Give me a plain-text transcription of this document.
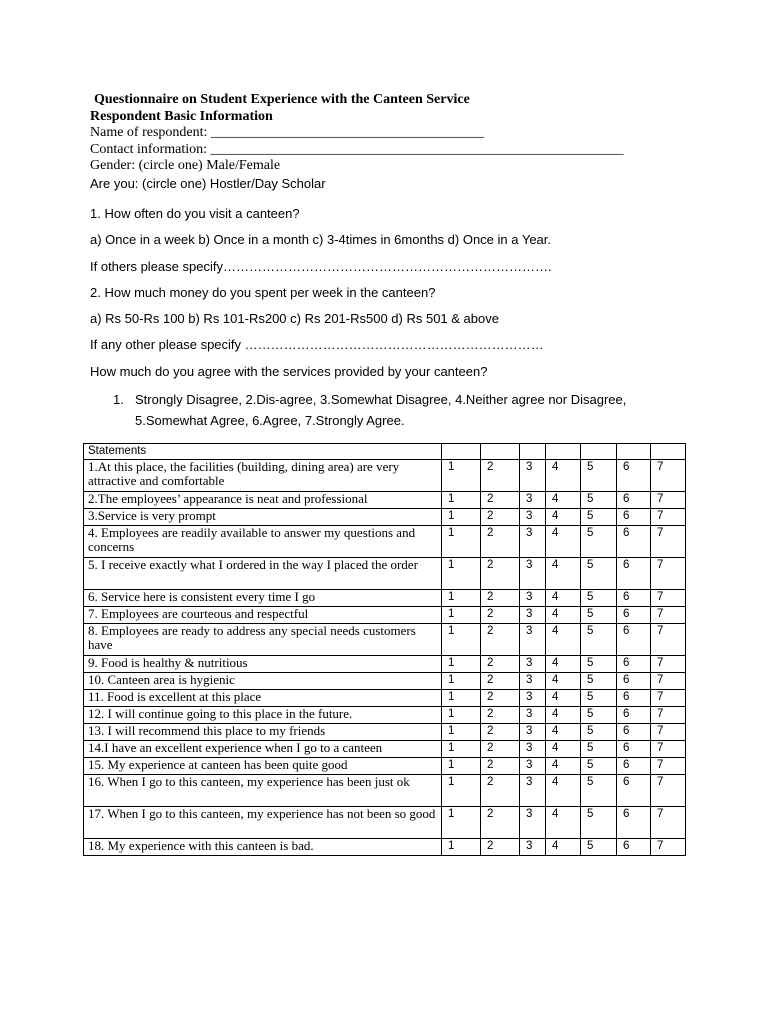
Questionnaire on Student Experience with the Canteen Service
Respondent Basic Information
Name of respondent: _______________________________________
Contact information: ___________________________________________________________
Gender: (circle one) Male/Female
Are you: (circle one) Hostler/Day Scholar

1. How often do you visit a canteen?

a) Once in a week b) Once in a month c) 3-4times in 6months d) Once in a Year.

If others please specify………………………………………………………………….

2. How much money do you spent per week in the canteen?

a) Rs 50-Rs 100 b) Rs 101-Rs200 c) Rs 201-Rs500 d) Rs 501 & above

If any other please specify ……………………………………………………………

How much do you agree with the services provided by your canteen?

1. Strongly Disagree, 2.Dis-agree, 3.Somewhat Disagree, 4.Neither agree nor Disagree, 5.Somewhat Agree, 6.Agree, 7.Strongly Agree.
Statements							
1.At this place, the facilities (building, dining area) are very attractive and comfortable	1	2	3	4	5	6	7
2.The employees’ appearance is neat and professional	1	2	3	4	5	6	7
3.Service is very prompt	1	2	3	4	5	6	7
4. Employees are readily available to answer my questions and concerns	1	2	3	4	5	6	7
5. I receive exactly what I ordered in the way I placed the order	1	2	3	4	5	6	7
6. Service here is consistent every time I go	1	2	3	4	5	6	7
7. Employees are courteous and respectful	1	2	3	4	5	6	7
8. Employees are ready to address any special needs customers have	1	2	3	4	5	6	7
9. Food is healthy & nutritious	1	2	3	4	5	6	7
10. Canteen area is hygienic	1	2	3	4	5	6	7
11. Food is excellent at this place	1	2	3	4	5	6	7
12. I will continue going to this place in the future.	1	2	3	4	5	6	7
13. I will recommend this place to my friends	1	2	3	4	5	6	7
14.I have an excellent experience when I go to a canteen	1	2	3	4	5	6	7
15. My experience at canteen has been quite good	1	2	3	4	5	6	7
16. When I go to this canteen, my experience has been just ok	1	2	3	4	5	6	7
17. When I go to this canteen, my experience has not been so good	1	2	3	4	5	6	7
18. My experience with this canteen is bad.	1	2	3	4	5	6	7
